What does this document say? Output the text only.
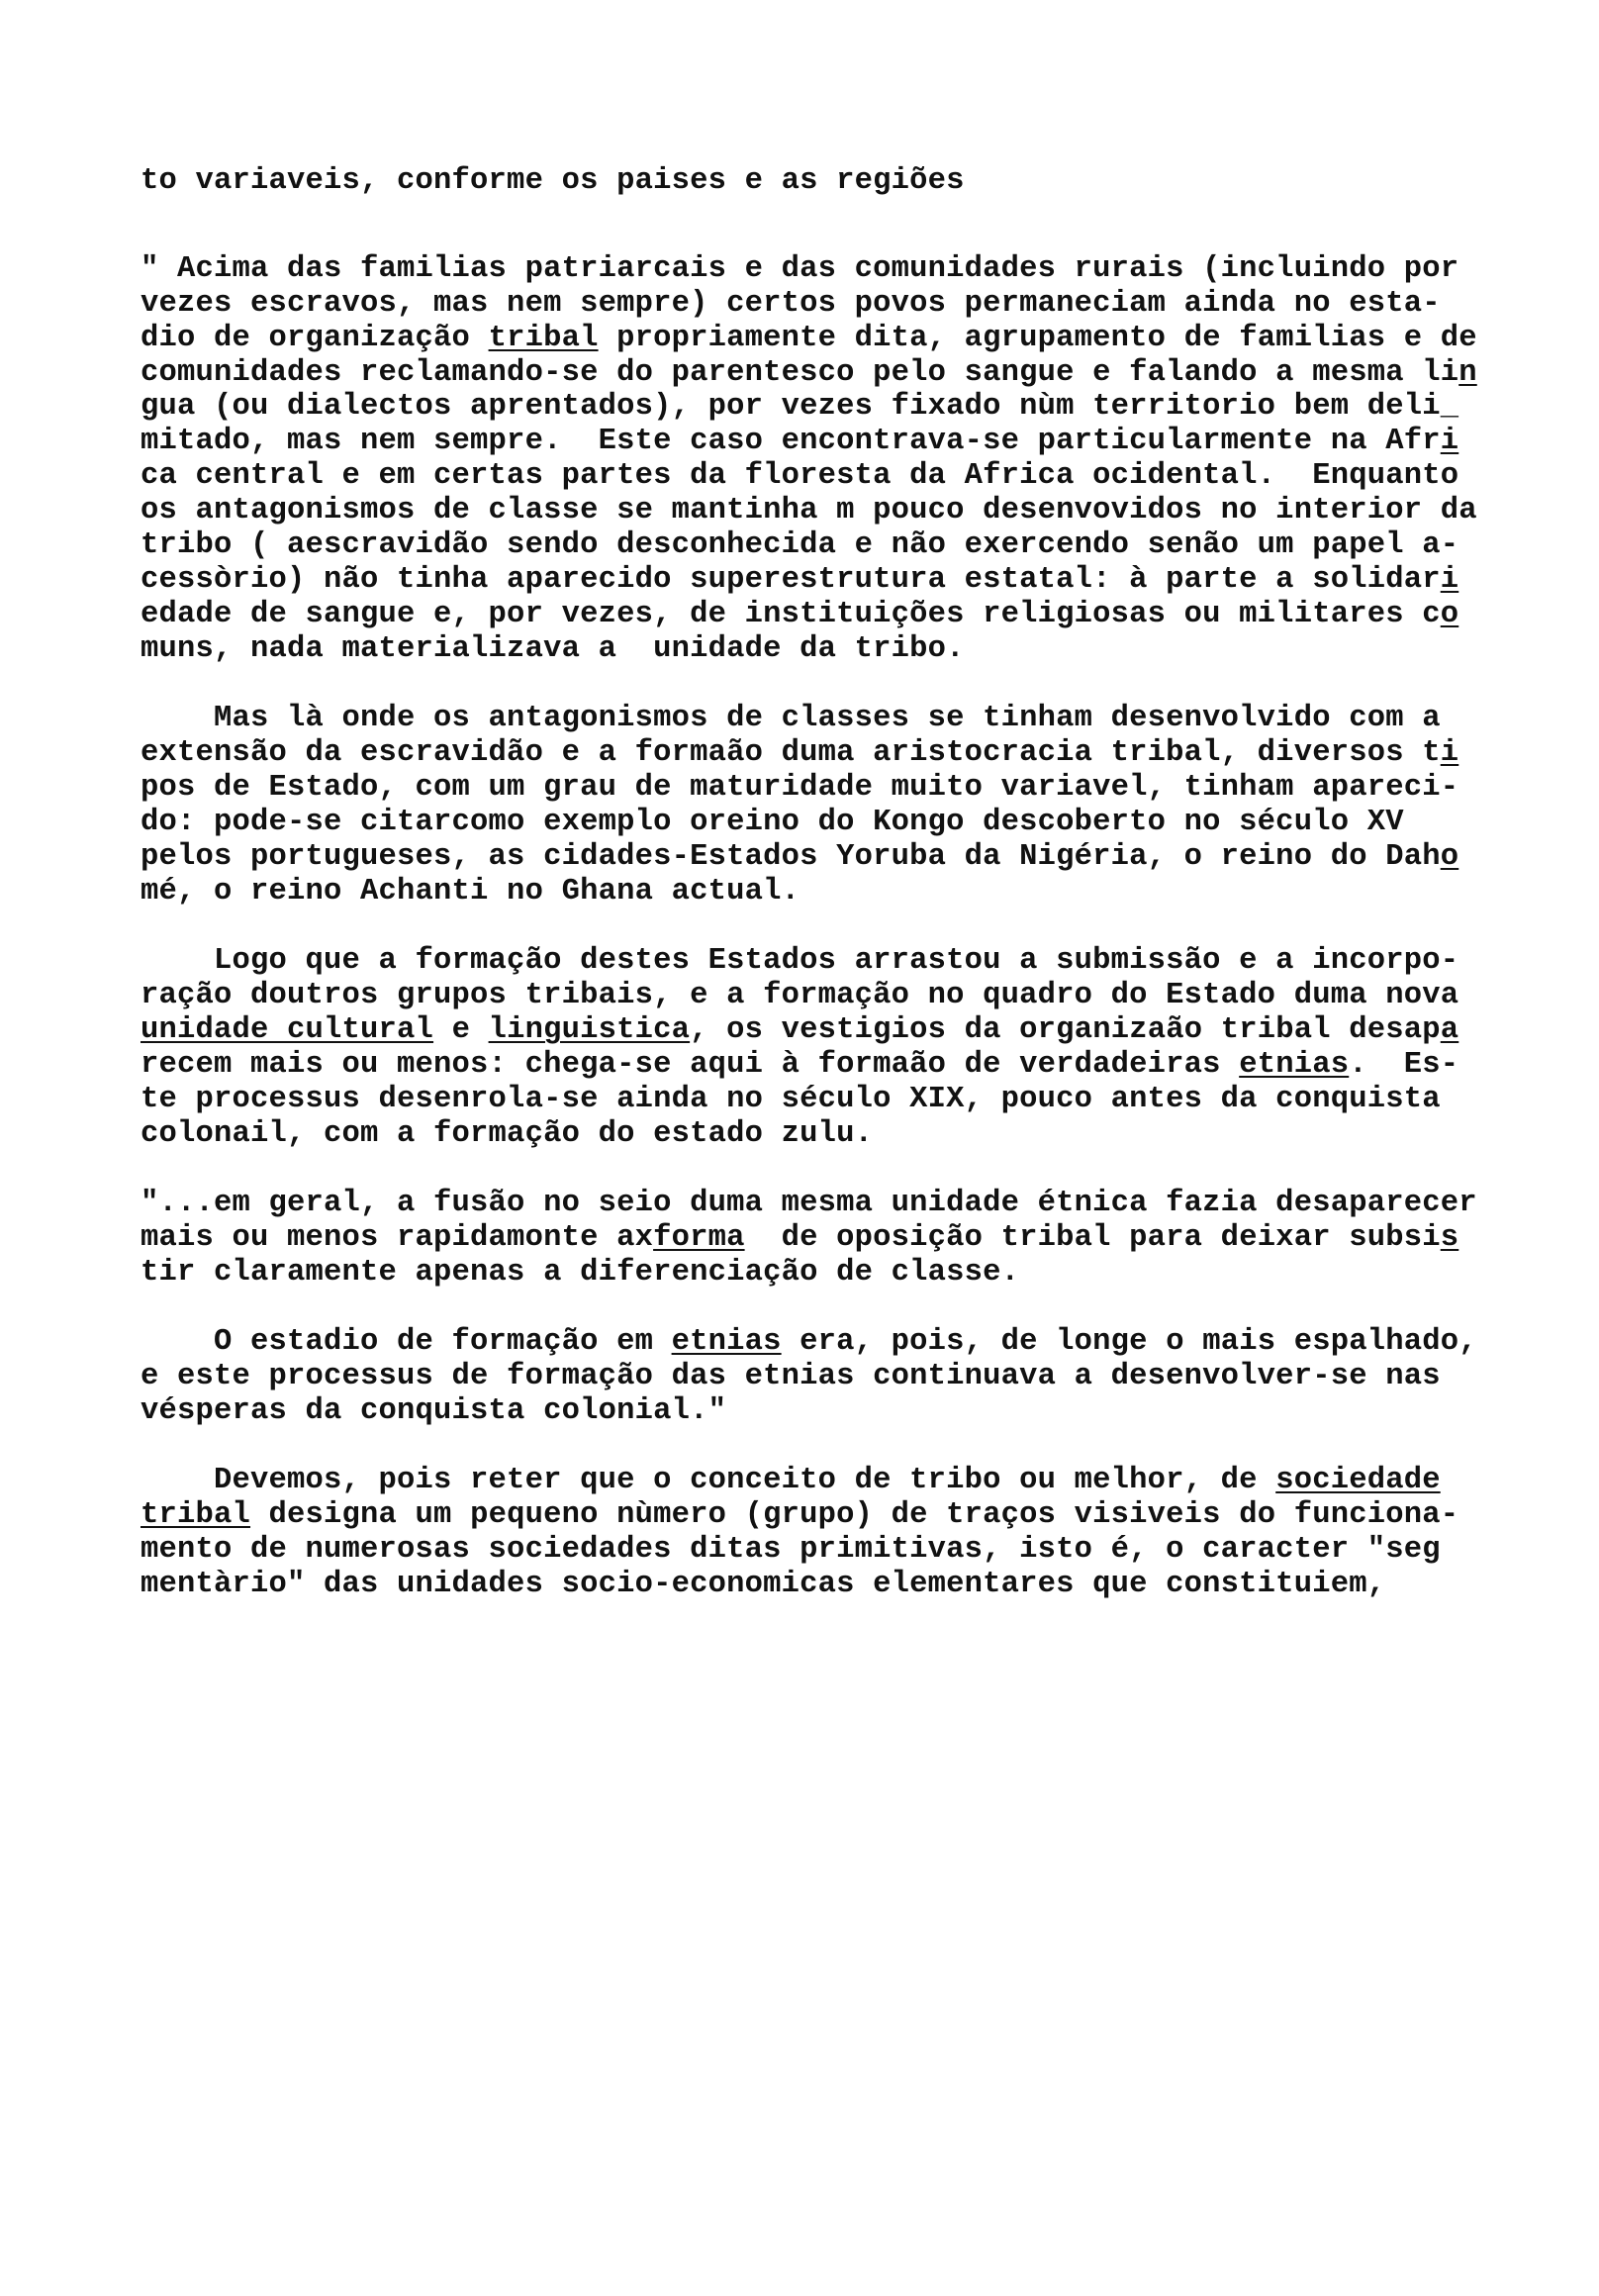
to variaveis, conforme os paises e as regiões
" Acima das familias patriarcais e das comunidades rurais (incluindo por
vezes escravos, mas nem sempre) certos povos permaneciam ainda no esta-
dio de organização tribal propriamente dita, agrupamento de familias e de
comunidades reclamando-se do parentesco pelo sangue e falando a mesma lin
gua (ou dialectos aprentados), por vezes fixado nùm territorio bem deli_
mitado, mas nem sempre.  Este caso encontrava-se particularmente na Afri
ca central e em certas partes da floresta da Africa ocidental.  Enquanto
os antagonismos de classe se mantinha m pouco desenvovidos no interior da
tribo ( aescravidão sendo desconhecida e não exercendo senão um papel a-
cessòrio) não tinha aparecido superestrutura estatal: à parte a solidari
edade de sangue e, por vezes, de instituições religiosas ou militares co
muns, nada materializava a  unidade da tribo.
Mas là onde os antagonismos de classes se tinham desenvolvido com a
extensão da escravidão e a formaão duma aristocracia tribal, diversos ti
pos de Estado, com um grau de maturidade muito variavel, tinham apareci-
do: pode-se citarcomo exemplo oreino do Kongo descoberto no século XV
pelos portugueses, as cidades-Estados Yoruba da Nigéria, o reino do Daho
mé, o reino Achanti no Ghana actual.
Logo que a formação destes Estados arrastou a submissão e a incorpo-
ração doutros grupos tribais, e a formação no quadro do Estado duma nova
unidade cultural e linguistica, os vestigios da organizaão tribal desapa
recem mais ou menos: chega-se aqui à formaão de verdadeiras etnias.  Es-
te processus desenrola-se ainda no século XIX, pouco antes da conquista
colonail, com a formação do estado zulu.
"...em geral, a fusão no seio duma mesma unidade étnica fazia desaparecer
mais ou menos rapidamonte axforma  de oposição tribal para deixar subsis
tir claramente apenas a diferenciação de classe.
O estadio de formação em etnias era, pois, de longe o mais espalhado,
e este processus de formação das etnias continuava a desenvolver-se nas
vésperas da conquista colonial."
Devemos, pois reter que o conceito de tribo ou melhor, de sociedade
tribal designa um pequeno nùmero (grupo) de traços visiveis do funciona-
mento de numerosas sociedades ditas primitivas, isto é, o caracter "seg
mentàrio" das unidades socio-economicas elementares que constituiem,
